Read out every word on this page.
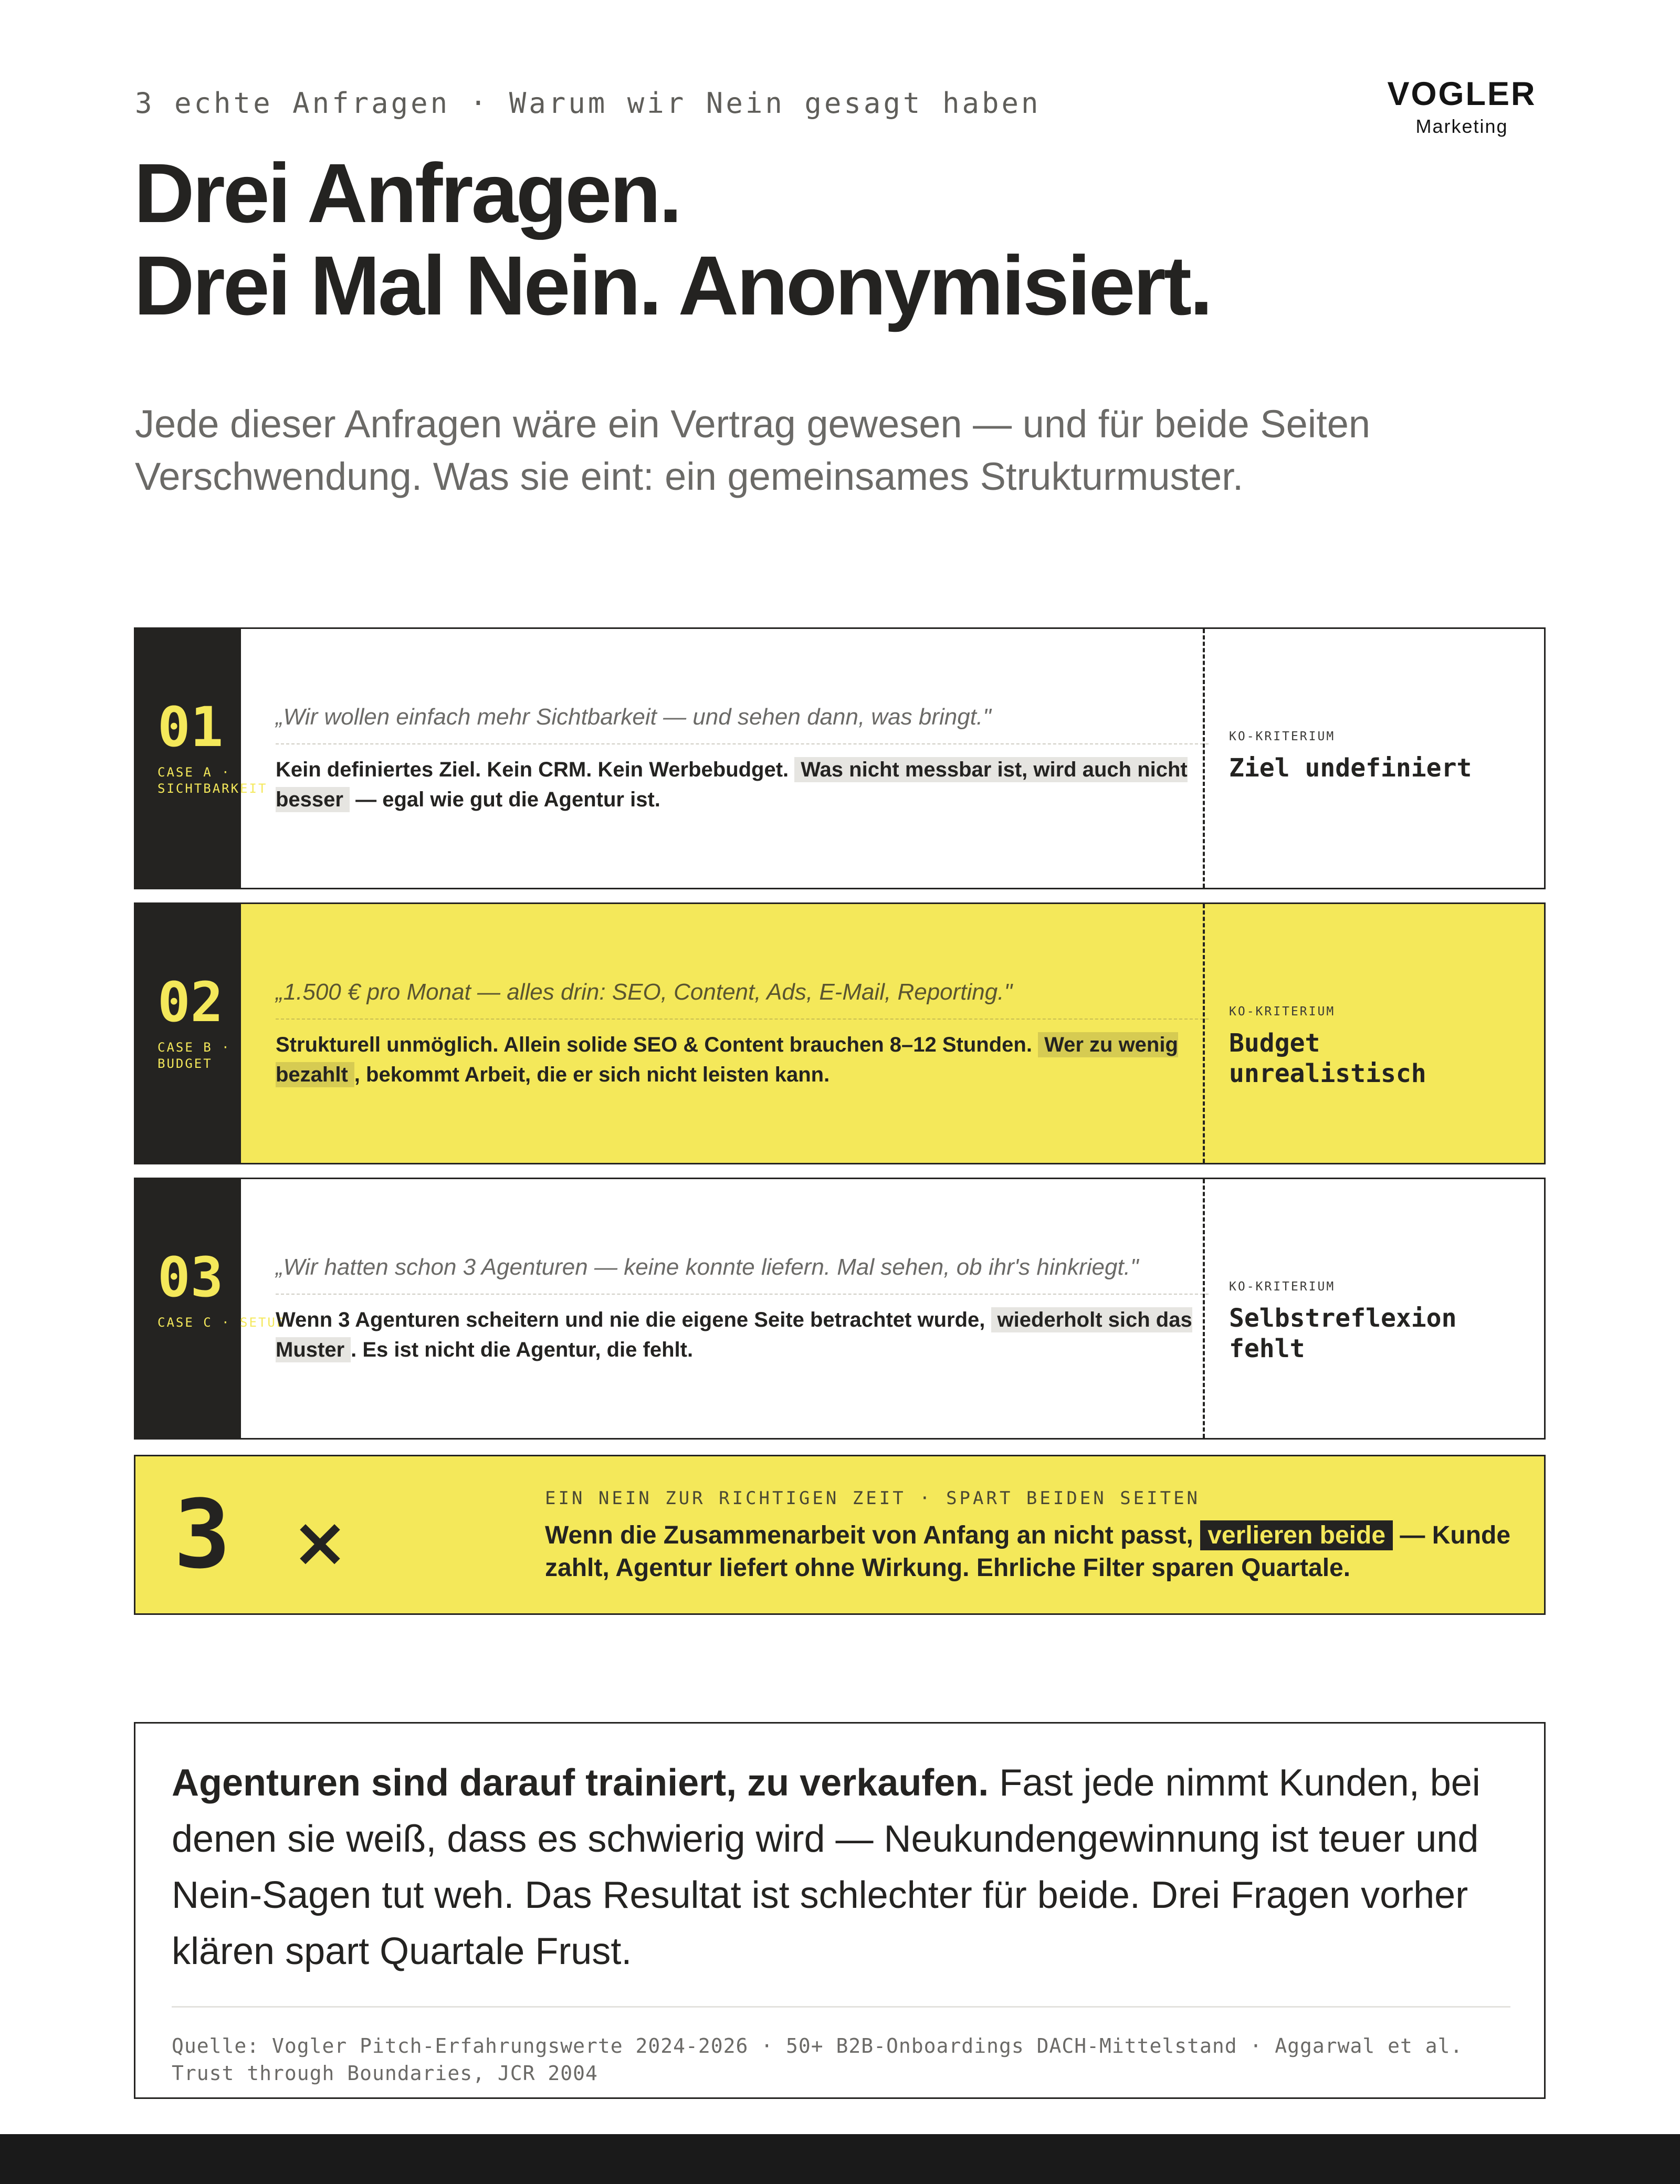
3 echte Anfragen · Warum wir Nein gesagt haben	VOGLER
Marketing
Drei Anfragen.
Drei Mal Nein. Anonymisiert.

Jede dieser Anfragen wäre ein Vertrag gewesen — und für beide Seiten Verschwendung. Was sie eint: ein gemeinsames Strukturmuster.

01
CASE A · SICHTBARKEIT
„Wir wollen einfach mehr Sichtbarkeit — und sehen dann, was bringt."
Kein definiertes Ziel. Kein CRM. Kein Werbebudget. Was nicht messbar ist, wird auch nicht besser — egal wie gut die Agentur ist.
KO-KRITERIUM
Ziel undefiniert
02
CASE B · BUDGET
„1.500 € pro Monat — alles drin: SEO, Content, Ads, E-Mail, Reporting."
Strukturell unmöglich. Allein solide SEO & Content brauchen 8–12 Stunden. Wer zu wenig bezahlt , bekommt Arbeit, die er sich nicht leisten kann.
KO-KRITERIUM
Budget unrealistisch
03
CASE C · SETUP
„Wir hatten schon 3 Agenturen — keine konnte liefern. Mal sehen, ob ihr's hinkriegt."
Wenn 3 Agenturen scheitern und nie die eigene Seite betrachtet wurde, wiederholt sich das Muster . Es ist nicht die Agentur, die fehlt.
KO-KRITERIUM
Selbstreflexion fehlt
3 ×
EIN NEIN ZUR RICHTIGEN ZEIT · SPART BEIDEN SEITEN
Wenn die Zusammenarbeit von Anfang an nicht passt, verlieren beide — Kunde zahlt, Agentur liefert ohne Wirkung. Ehrliche Filter sparen Quartale.

Agenturen sind darauf trainiert, zu verkaufen. Fast jede nimmt Kunden, bei denen sie weiß, dass es schwierig wird — Neukundengewinnung ist teuer und Nein-Sagen tut weh. Das Resultat ist schlechter für beide. Drei Fragen vorher klären spart Quartale Frust.

Quelle: Vogler Pitch-Erfahrungswerte 2024-2026 · 50+ B2B-Onboardings DACH-Mittelstand · Aggarwal et al. Trust through Boundaries, JCR 2004
